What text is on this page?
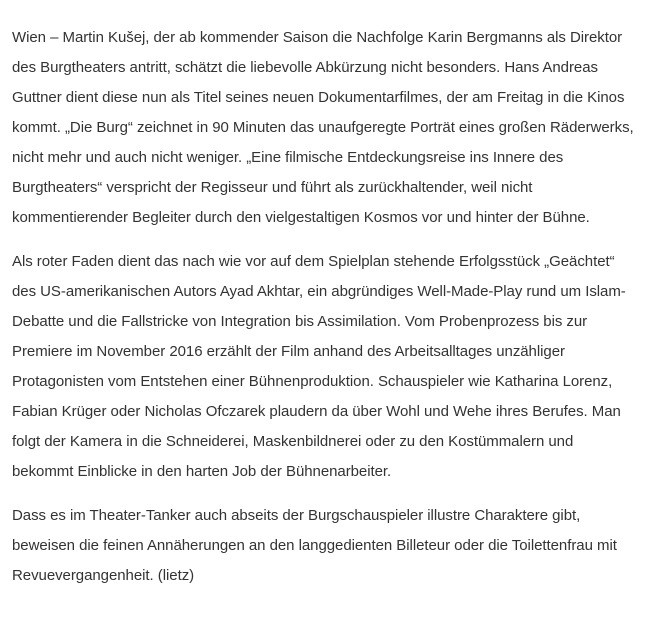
Wien – Martin Kušej, der ab kommender Saison die Nachfolge Karin Bergmanns als Direktor des Burgtheaters antritt, schätzt die liebevolle Abkürzung nicht besonders. Hans Andreas Guttner dient diese nun als Titel seines neuen Dokumentarfilmes, der am Freitag in die Kinos kommt. „Die Burg“ zeichnet in 90 Minuten das unaufgeregte Porträt eines großen Räderwerks, nicht mehr und auch nicht weniger. „Eine filmische Entdeckungsreise ins Innere des Burgtheaters“ verspricht der Regisseur und führt als zurückhaltender, weil nicht kommentierender Begleiter durch den vielgestaltigen Kosmos vor und hinter der Bühne.

Als roter Faden dient das nach wie vor auf dem Spielplan stehende Erfolgsstück „Geächtet“ des US-amerikanischen Autors Ayad Akhtar, ein abgründiges Well-Made-Play rund um Islam-Debatte und die Fallstricke von Integration bis Assimilation. Vom Probenprozess bis zur Premiere im November 2016 erzählt der Film anhand des Arbeitsalltages unzähliger Protagonisten vom Entstehen einer Bühnenproduktion. Schauspieler wie Katharina Lorenz, Fabian Krüger oder Nicholas Ofczarek plaudern da über Wohl und Wehe ihres Berufes. Man folgt der Kamera in die Schneiderei, Maskenbildnerei oder zu den Kostümmalern und bekommt Einblicke in den harten Job der Bühnenarbeiter.

Dass es im Theater-Tanker auch abseits der Burgschauspieler illustre Charaktere gibt, beweisen die feinen Annäherungen an den langgedienten Billeteur oder die Toilettenfrau mit Revuevergangenheit. (lietz)
